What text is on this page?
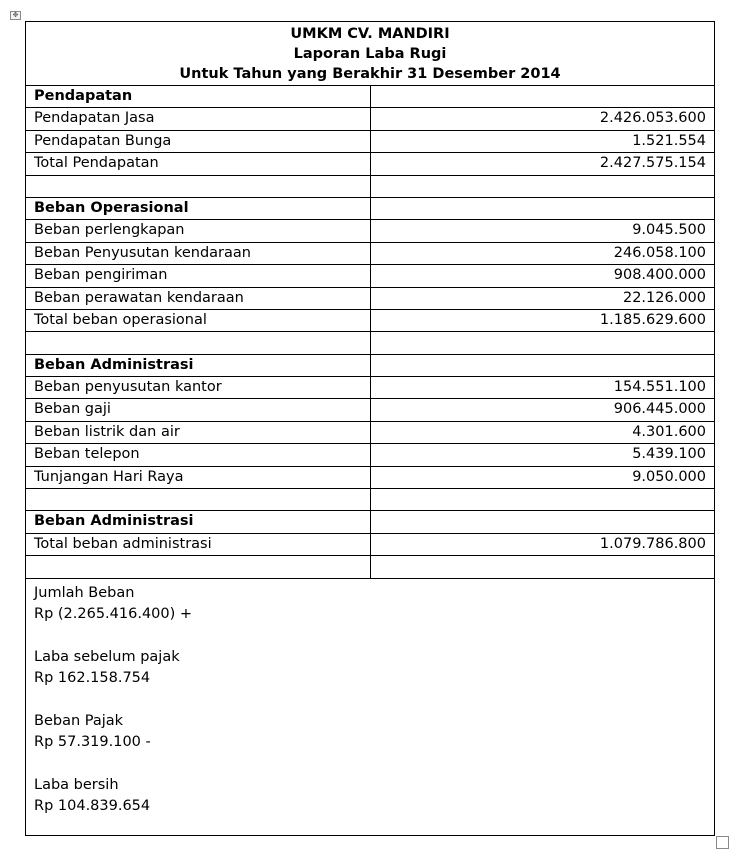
✥
UMKM CV. MANDIRI
Laporan Laba Rugi
Untuk Tahun yang Berakhir 31 Desember 2014
Pendapatan
Pendapatan Jasa	2.426.053.600
Pendapatan Bunga	1.521.554
Total Pendapatan	2.427.575.154
Beban Operasional
Beban perlengkapan	9.045.500
Beban Penyusutan kendaraan	246.058.100
Beban pengiriman	908.400.000
Beban perawatan kendaraan	22.126.000
Total beban operasional	1.185.629.600
Beban Administrasi
Beban penyusutan kantor	154.551.100
Beban gaji	906.445.000
Beban listrik dan air	4.301.600
Beban telepon	5.439.100
Tunjangan Hari Raya	9.050.000
Beban Administrasi
Total beban administrasi	1.079.786.800
Jumlah Beban
Rp (2.265.416.400) +
Laba sebelum pajak
Rp 162.158.754
Beban Pajak
Rp 57.319.100 -
Laba bersih
Rp 104.839.654
